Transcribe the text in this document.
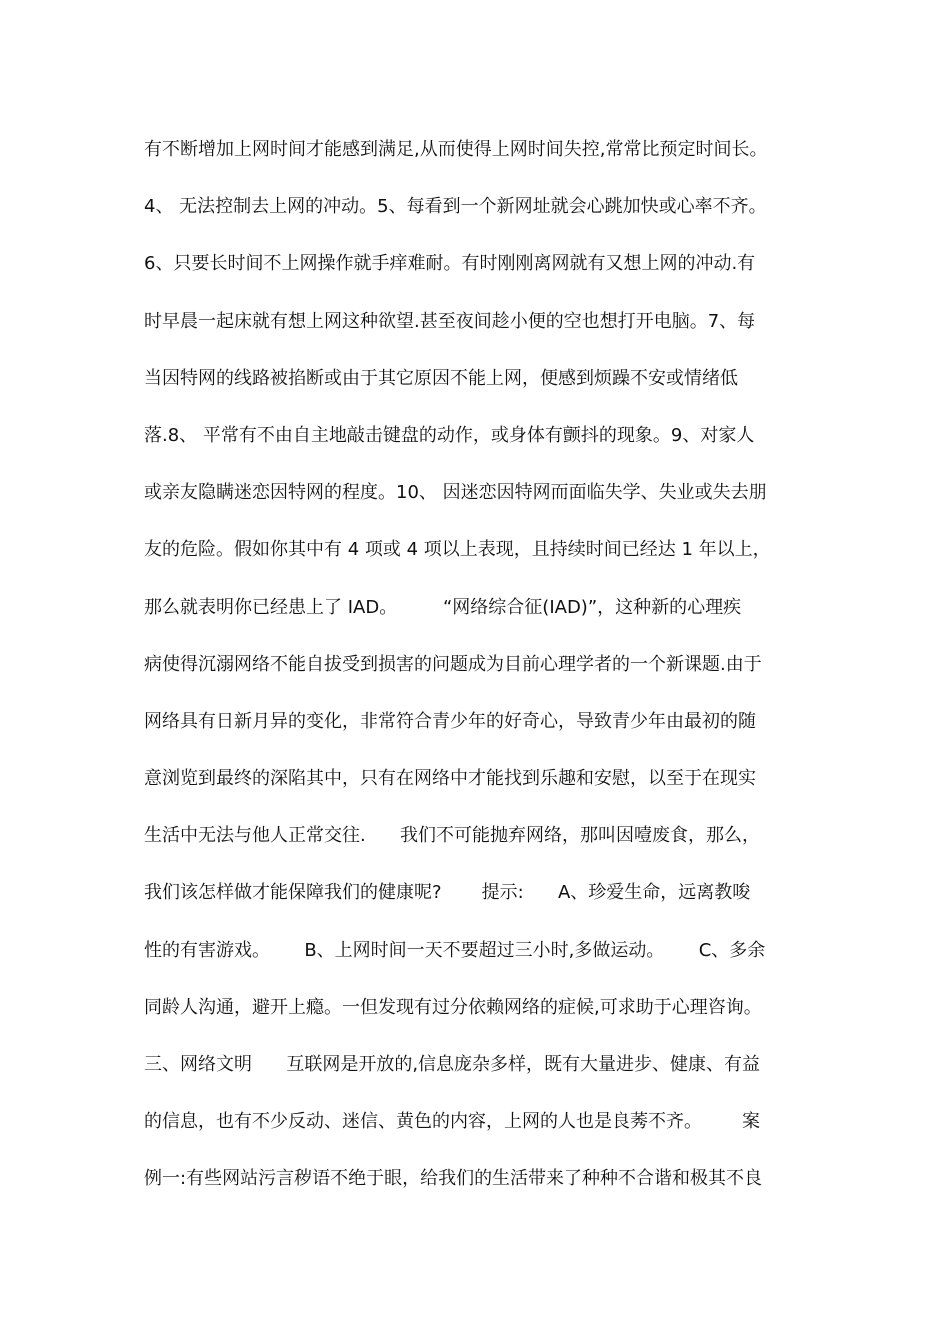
有不断增加上网时间才能感到满足,从而使得上网时间失控,常常比预定时间长。
4、 无法控制去上网的冲动。5、每看到一个新网址就会心跳加快或心率不齐。
6、只要长时间不上网操作就手痒难耐。有时刚刚离网就有又想上网的冲动.有
时早晨一起床就有想上网这种欲望.甚至夜间趁小便的空也想打开电脑。7、每
当因特网的线路被掐断或由于其它原因不能上网，便感到烦躁不安或情绪低
落.8、 平常有不由自主地敲击键盘的动作，或身体有颤抖的现象。9、对家人
或亲友隐瞒迷恋因特网的程度。10、 因迷恋因特网而面临失学、失业或失去朋
友的危险。假如你其中有 4 项或 4 项以上表现，且持续时间已经达 1 年以上，
那么就表明你已经患上了 IAD。        “网络综合征(IAD)”，这种新的心理疾
病使得沉溺网络不能自拔受到损害的问题成为目前心理学者的一个新课题.由于
网络具有日新月异的变化，非常符合青少年的好奇心，导致青少年由最初的随
意浏览到最终的深陷其中，只有在网络中才能找到乐趣和安慰，以至于在现实
生活中无法与他人正常交往.      我们不可能抛弃网络，那叫因噎废食，那么，
我们该怎样做才能保障我们的健康呢?       提示:      A、珍爱生命，远离教唆
性的有害游戏。      B、上网时间一天不要超过三小时,多做运动。      C、多余
同龄人沟通，避开上瘾。一但发现有过分依赖网络的症候,可求助于心理咨询。
三、网络文明      互联网是开放的,信息庞杂多样，既有大量进步、健康、有益
的信息，也有不少反动、迷信、黄色的内容，上网的人也是良莠不齐。       案
例一:有些网站污言秽语不绝于眼，给我们的生活带来了种种不合谐和极其不良
